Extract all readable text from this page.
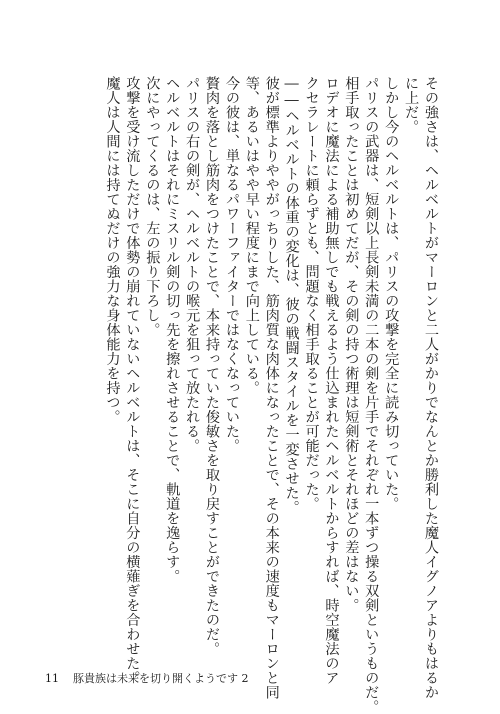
その強さは、ヘルベルトがマーロンと二人がかりでなんとか勝利した魔人イグノアよりもはるか
に上だ。
しかし今のヘルベルトは、パリスの攻撃を完全に読み切っていた。
パリスの武器は、短剣以上長剣未満の二本の剣を片手でそれぞれ一本ずつ操る双剣というものだ。
相手取ったことは初めてだが、その剣の持つ術理は短剣術とそれほどの差はない。
ロデオに魔法による補助無しでも戦えるよう仕込まれたヘルベルトからすれば、時空魔法のア
クセラレートに頼らずとも、問題なく相手取ることが可能だった。
――ヘルベルトの体重の変化は、彼の戦闘スタイルを一変させた。
彼が標準よりややがっちりした、筋肉質な肉体になったことで、その本来の速度もマーロンと同
等、あるいはやや早い程度にまで向上している。
今の彼は、単なるパワーファイターではなくなっていた。
贅肉を落とし筋肉をつけたことで、本来持っていた俊敏さを取り戻すことができたのだ。
パリスの右の剣が、ヘルベルトの喉元を狙って放たれる。
ヘルベルトはそれにミスリル剣の切っ先を擦れさせることで、軌道を逸らす。
次にやってくるのは、左の振り下ろし。
攻撃を受け流しただけで体勢の崩れていないヘルベルトは、そこに自分の横薙ぎを合わせた。
魔人は人間には持てぬだけの強力な身体能力を持つ。
11 豚貴族は未来を切り開くようです 2
